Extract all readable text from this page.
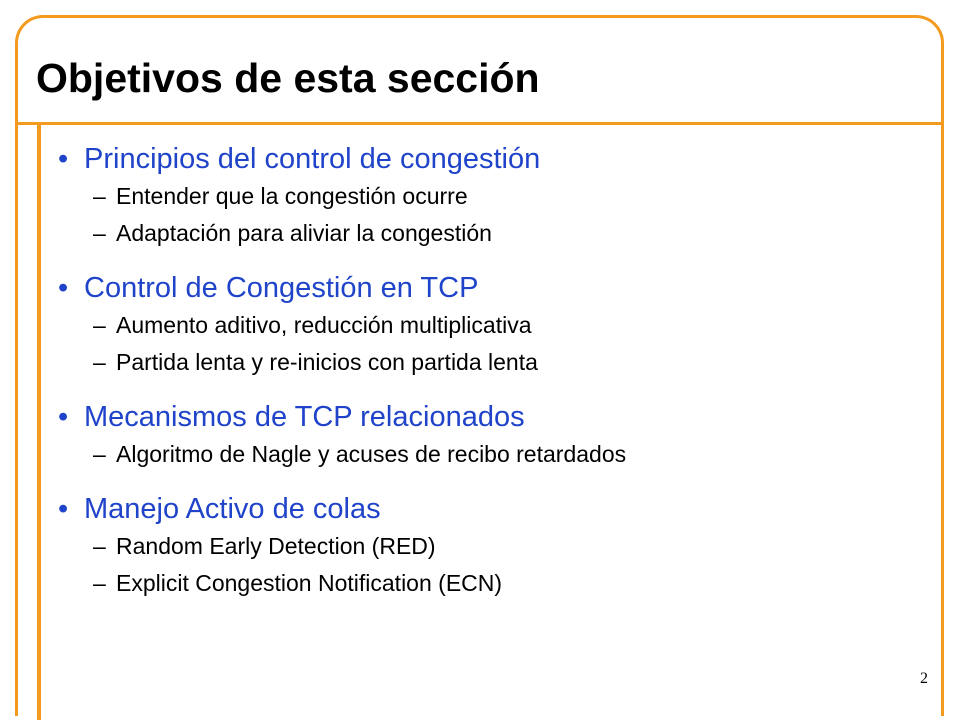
Objetivos de esta sección
• Principios del control de congestión
– Entender que la congestión ocurre
– Adaptación para aliviar la congestión
• Control de Congestión en TCP
– Aumento aditivo, reducción multiplicativa
– Partida lenta y re-inicios con partida lenta
• Mecanismos de TCP relacionados
– Algoritmo de Nagle y acuses de recibo retardados
• Manejo Activo de colas
– Random Early Detection (RED)
– Explicit Congestion Notification (ECN)
2
